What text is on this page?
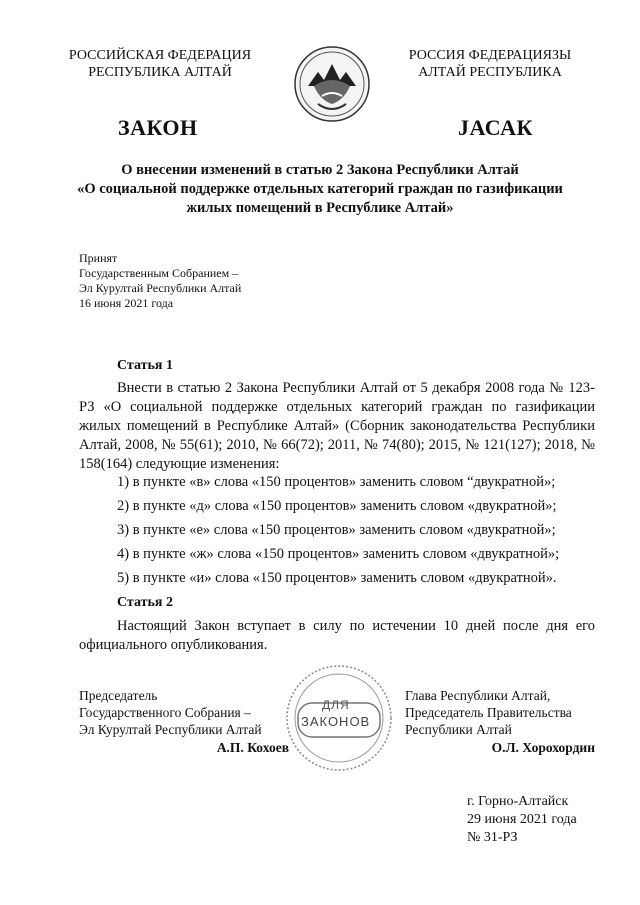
РОССИЙСКАЯ ФЕДЕРАЦИЯ
РЕСПУБЛИКА АЛТАЙ
РОССИЯ ФЕДЕРАЦИЯЗЫ
АЛТАЙ РЕСПУБЛИКА
ЗАКОН	ЈАСАК
О внесении изменений в статью 2 Закона Республики Алтай
«О социальной поддержке отдельных категорий граждан по газификации
жилых помещений в Республике Алтай»
Принят
Государственным Собранием –
Эл Курултай Республики Алтай
16 июня 2021 года
Статья 1
Внести в статью 2 Закона Республики Алтай от 5 декабря 2008 года № 123-РЗ «О социальной поддержке отдельных категорий граждан по газификации жилых помещений в Республике Алтай» (Сборник законодательства Республики Алтай, 2008, № 55(61); 2010, № 66(72); 2011, № 74(80); 2015, № 121(127); 2018, № 158(164) следующие изменения:
1) в пункте «в» слова «150 процентов» заменить словом “двукратной»;
2) в пункте «д» слова «150 процентов» заменить словом «двукратной»;
3) в пункте «е» слова «150 процентов» заменить словом «двукратной»;
4) в пункте «ж» слова «150 процентов» заменить словом «двукратной»;
5) в пункте «и» слова «150 процентов» заменить словом «двукратной».
Статья 2
Настоящий Закон вступает в силу по истечении 10 дней после дня его официального опубликования.
ДЛЯ
ЗАКОНОВ
Председатель
Государственного Собрания –
Эл Курултай Республики Алтай
А.П. Кохоев
Глава Республики Алтай,
Председатель Правительства
Республики Алтай
О.Л. Хорохордин
г. Горно-Алтайск
29 июня 2021 года
№ 31-РЗ
